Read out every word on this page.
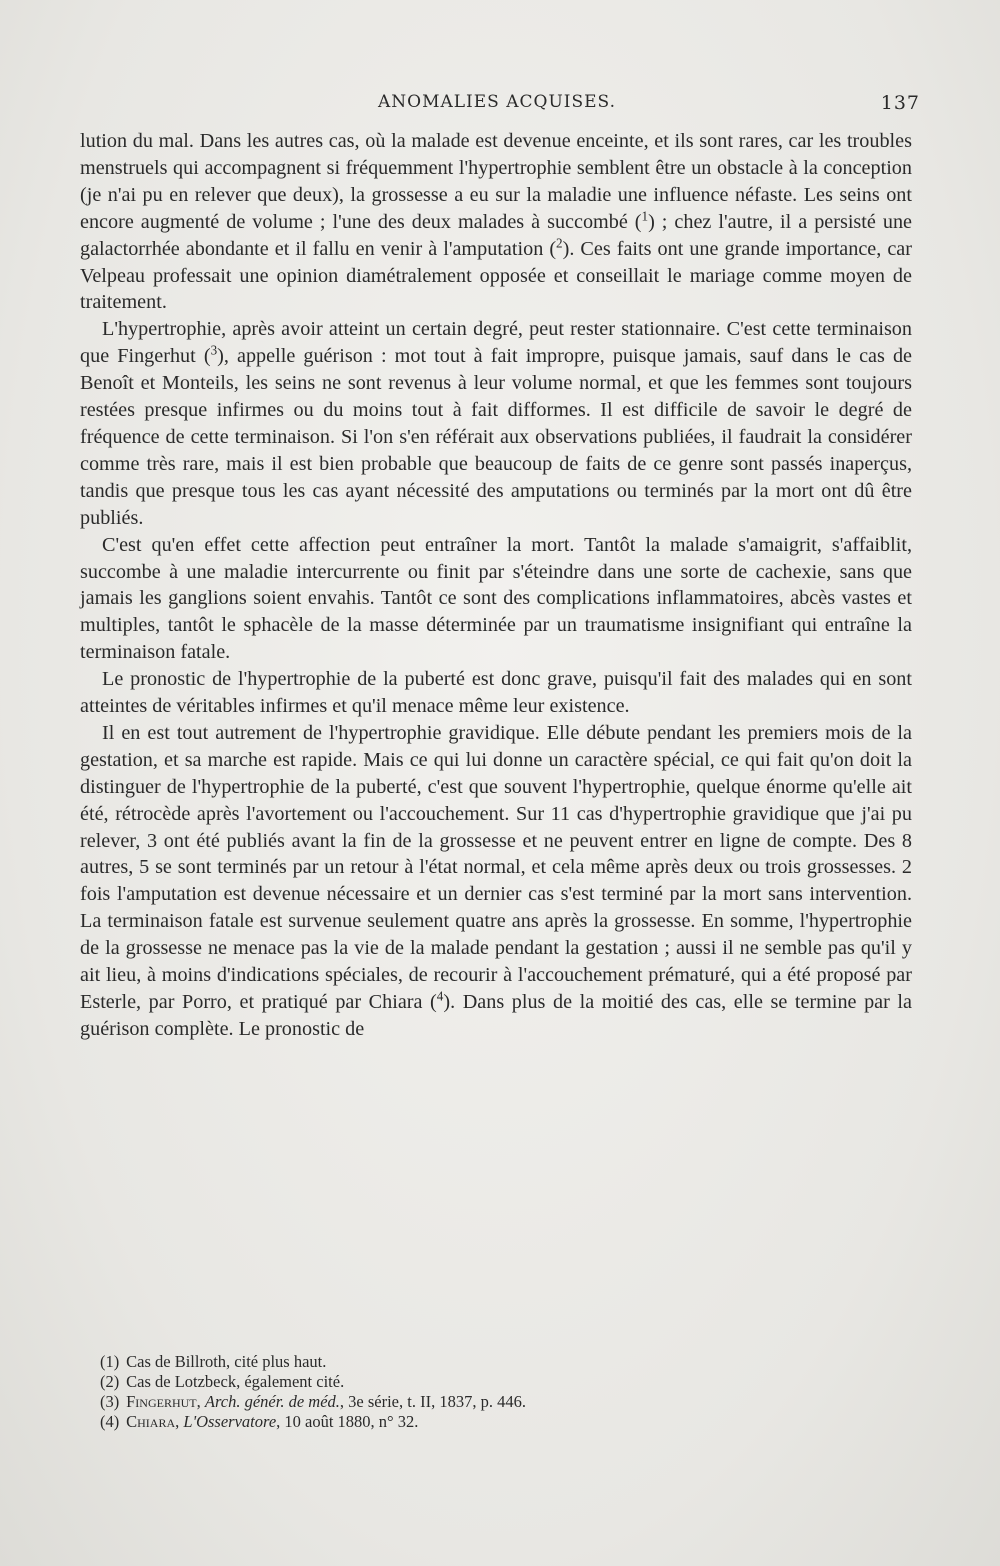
ANOMALIES ACQUISES.	137

lution du mal. Dans les autres cas, où la malade est devenue enceinte, et ils sont rares, car les troubles menstruels qui accompagnent si fréquemment l'hypertrophie semblent être un obstacle à la conception (je n'ai pu en relever que deux), la grossesse a eu sur la maladie une influence néfaste. Les seins ont encore augmenté de volume ; l'une des deux malades à succombé ($^1$) ; chez l'autre, il a persisté une galactorrhée abondante et il fallu en venir à l'amputation ($^2$). Ces faits ont une grande importance, car Velpeau professait une opinion diamétralement opposée et conseillait le mariage comme moyen de traitement.

L'hypertrophie, après avoir atteint un certain degré, peut rester stationnaire. C'est cette terminaison que Fingerhut ($^3$), appelle guérison : mot tout à fait impropre, puisque jamais, sauf dans le cas de Benoît et Monteils, les seins ne sont revenus à leur volume normal, et que les femmes sont toujours restées presque infirmes ou du moins tout à fait difformes. Il est difficile de savoir le degré de fréquence de cette terminaison. Si l'on s'en référait aux observations publiées, il faudrait la considérer comme très rare, mais il est bien probable que beaucoup de faits de ce genre sont passés inaperçus, tandis que presque tous les cas ayant nécessité des amputations ou terminés par la mort ont dû être publiés.

C'est qu'en effet cette affection peut entraîner la mort. Tantôt la malade s'amaigrit, s'affaiblit, succombe à une maladie intercurrente ou finit par s'éteindre dans une sorte de cachexie, sans que jamais les ganglions soient envahis. Tantôt ce sont des complications inflammatoires, abcès vastes et multiples, tantôt le sphacèle de la masse déterminée par un traumatisme insignifiant qui entraîne la terminaison fatale.

Le pronostic de l'hypertrophie de la puberté est donc grave, puisqu'il fait des malades qui en sont atteintes de véritables infirmes et qu'il menace même leur existence.

Il en est tout autrement de l'hypertrophie gravidique. Elle débute pendant les premiers mois de la gestation, et sa marche est rapide. Mais ce qui lui donne un caractère spécial, ce qui fait qu'on doit la distinguer de l'hypertrophie de la puberté, c'est que souvent l'hypertrophie, quelque énorme qu'elle ait été, rétrocède après l'avortement ou l'accouchement. Sur 11 cas d'hypertrophie gravidique que j'ai pu relever, 3 ont été publiés avant la fin de la grossesse et ne peuvent entrer en ligne de compte. Des 8 autres, 5 se sont terminés par un retour à l'état normal, et cela même après deux ou trois grossesses. 2 fois l'amputation est devenue nécessaire et un dernier cas s'est terminé par la mort sans intervention. La terminaison fatale est survenue seulement quatre ans après la grossesse. En somme, l'hypertrophie de la grossesse ne menace pas la vie de la malade pendant la gestation ; aussi il ne semble pas qu'il y ait lieu, à moins d'indications spéciales, de recourir à l'accouchement prématuré, qui a été proposé par Esterle, par Porro, et pratiqué par Chiara ($^4$). Dans plus de la moitié des cas, elle se termine par la guérison complète. Le pronostic de

(1) Cas de Billroth, cité plus haut.
(2) Cas de Lotzbeck, également cité.
(3) Fingerhut, Arch. génér. de méd., 3e série, t. II, 1837, p. 446.
(4) Chiara, L'Osservatore, 10 août 1880, n° 32.
